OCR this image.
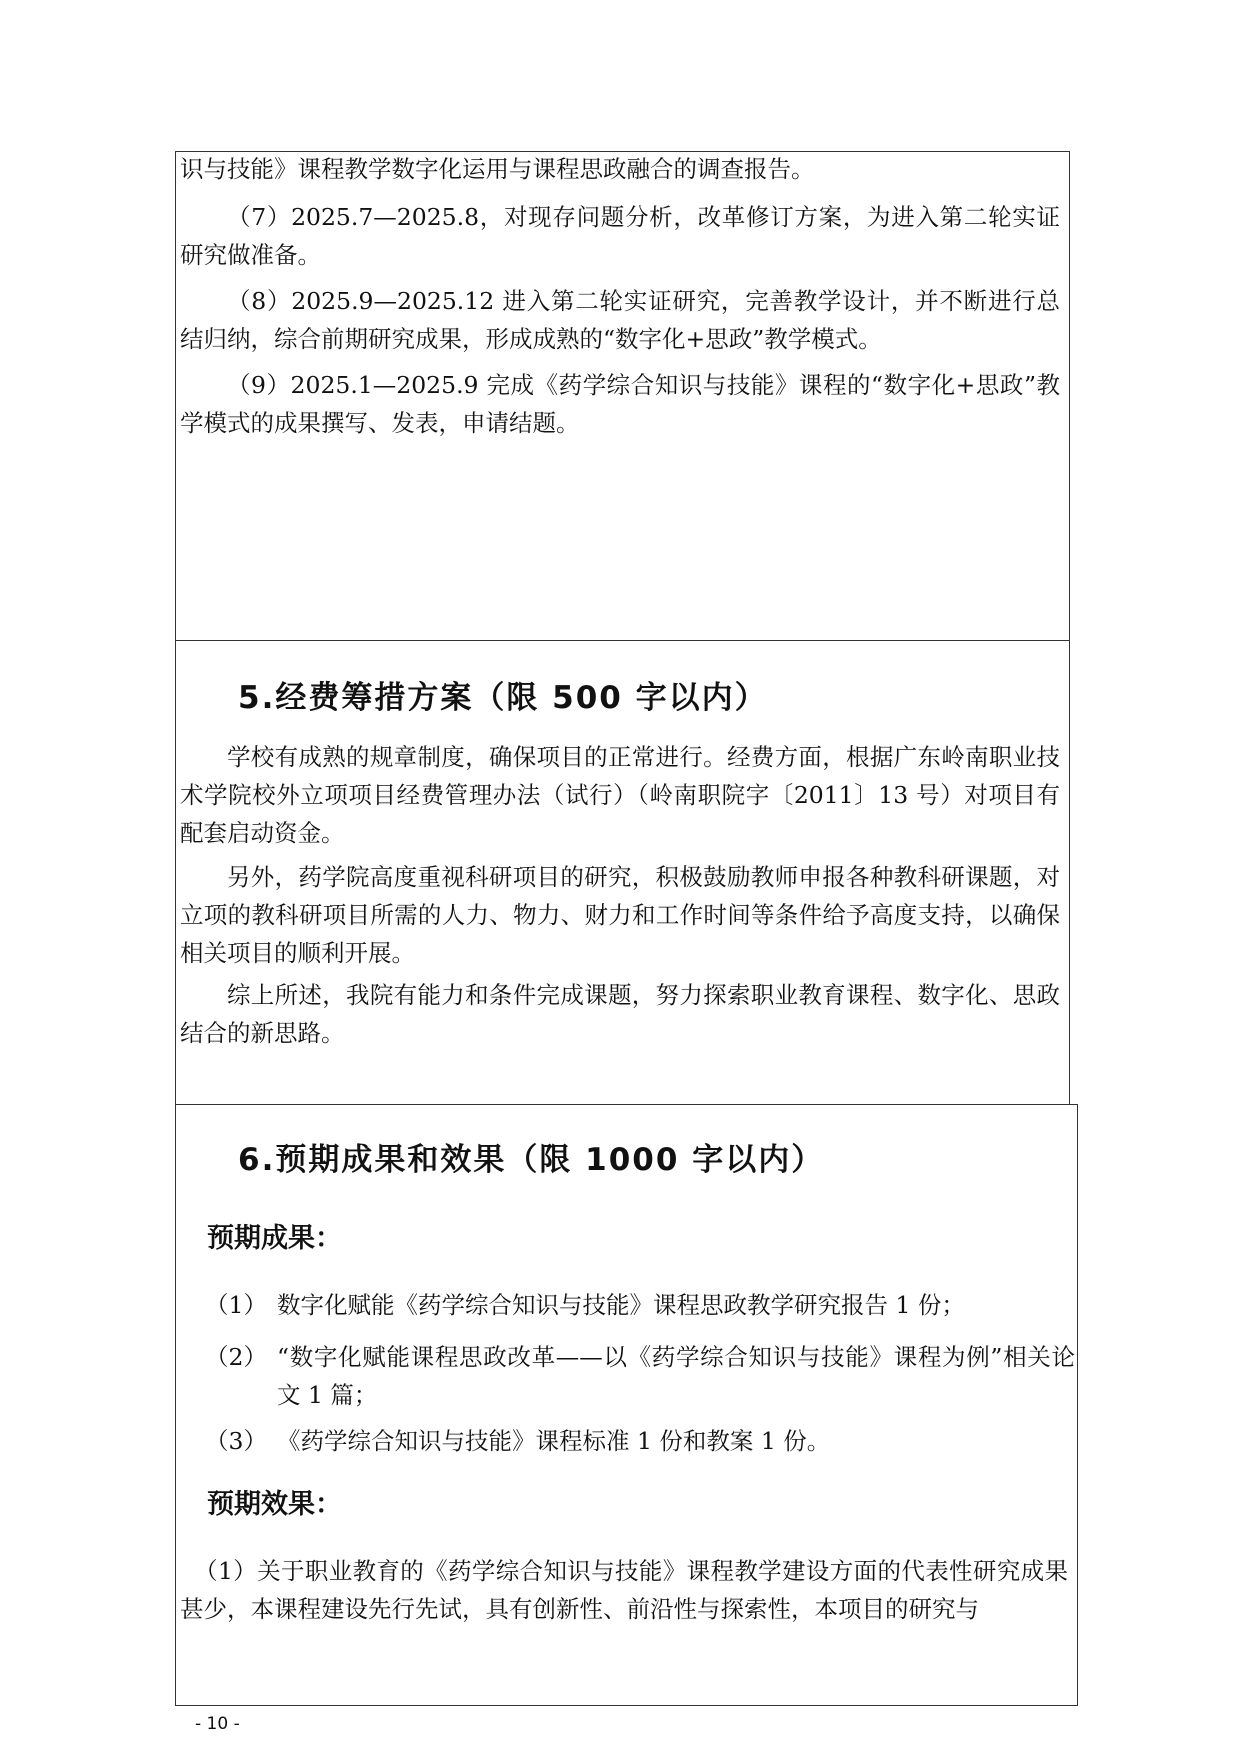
识与技能》课程教学数字化运用与课程思政融合的调查报告。

（7）2025.7—2025.8，对现存问题分析，改革修订方案，为进入第二轮实证研究做准备。

（8）2025.9—2025.12 进入第二轮实证研究，完善教学设计，并不断进行总结归纳，综合前期研究成果，形成成熟的“数字化+思政”教学模式。

（9）2025.1—2025.9 完成《药学综合知识与技能》课程的“数字化+思政”教学模式的成果撰写、发表，申请结题。

5.经费筹措方案（限 500 字以内）

学校有成熟的规章制度，确保项目的正常进行。经费方面，根据广东岭南职业技术学院校外立项项目经费管理办法（试行）（岭南职院字〔2011〕13 号）对项目有配套启动资金。

另外，药学院高度重视科研项目的研究，积极鼓励教师申报各种教科研课题，对立项的教科研项目所需的人力、物力、财力和工作时间等条件给予高度支持，以确保相关项目的顺利开展。

综上所述，我院有能力和条件完成课题，努力探索职业教育课程、数字化、思政结合的新思路。

6.预期成果和效果（限 1000 字以内）
预期成果：
（1） 数字化赋能《药学综合知识与技能》课程思政教学研究报告 1 份；
（2） “数字化赋能课程思政改革——以《药学综合知识与技能》课程为例”相关论文 1 篇；
（3） 《药学综合知识与技能》课程标准 1 份和教案 1 份。
预期效果：

（1）关于职业教育的《药学综合知识与技能》课程教学建设方面的代表性研究成果甚少，本课程建设先行先试，具有创新性、前沿性与探索性，本项目的研究与

- 10 -
